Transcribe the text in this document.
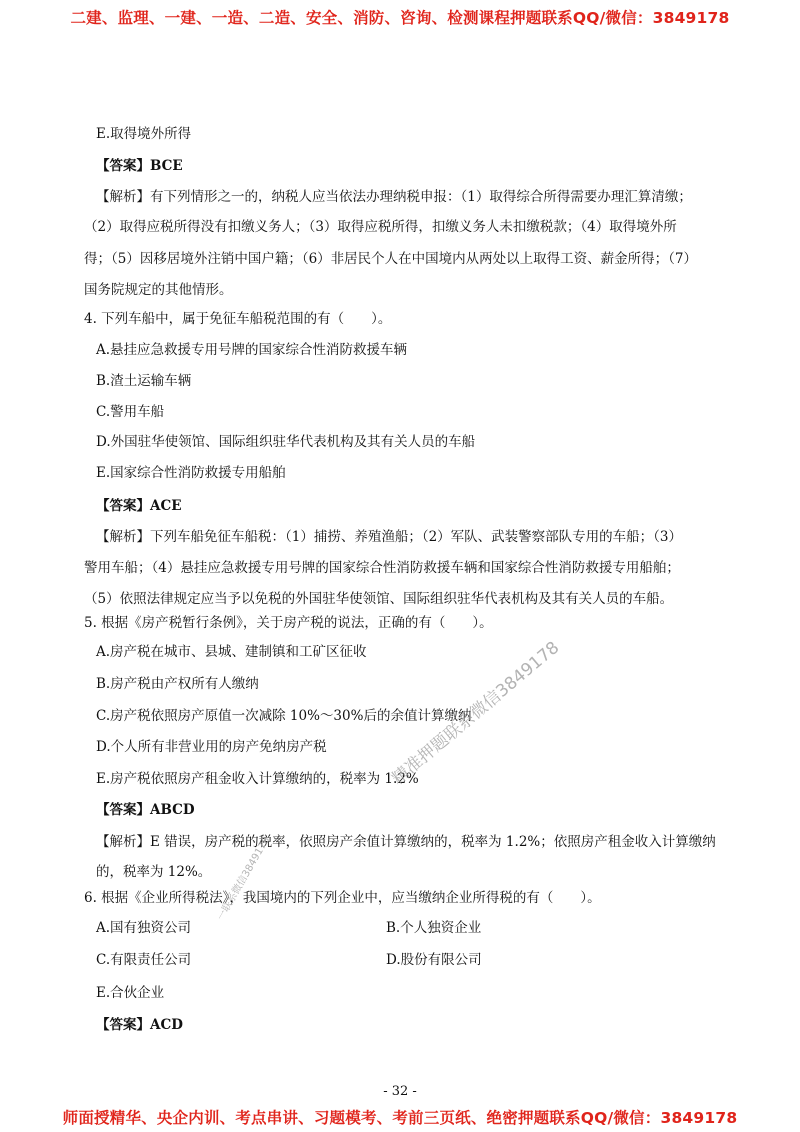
二建、监理、一建、一造、二造、安全、消防、咨询、检测课程押题联系QQ/微信：3849178
E.取得境外所得
【答案】BCE
【解析】有下列情形之一的，纳税人应当依法办理纳税申报：（1）取得综合所得需要办理汇算清缴；
（2）取得应税所得没有扣缴义务人；（3）取得应税所得，扣缴义务人未扣缴税款；（4）取得境外所
得；（5）因移居境外注销中国户籍；（6）非居民个人在中国境内从两处以上取得工资、薪金所得；（7）
国务院规定的其他情形。
4. 下列车船中，属于免征车船税范围的有（　　）。
A.悬挂应急救援专用号牌的国家综合性消防救援车辆
B.渣土运输车辆
C.警用车船
D.外国驻华使领馆、国际组织驻华代表机构及其有关人员的车船
E.国家综合性消防救援专用船舶
【答案】ACE
【解析】下列车船免征车船税：（1）捕捞、养殖渔船；（2）军队、武装警察部队专用的车船；（3）
警用车船；（4）悬挂应急救援专用号牌的国家综合性消防救援车辆和国家综合性消防救援专用船舶；
（5）依照法律规定应当予以免税的外国驻华使领馆、国际组织驻华代表机构及其有关人员的车船。
5. 根据《房产税暂行条例》，关于房产税的说法，正确的有（　　）。
A.房产税在城市、县城、建制镇和工矿区征收
B.房产税由产权所有人缴纳
C.房产税依照房产原值一次减除 10%～30%后的余值计算缴纳
D.个人所有非营业用的房产免纳房产税
E.房产税依照房产租金收入计算缴纳的，税率为 1.2%
【答案】ABCD
【解析】E 错误，房产税的税率，依照房产余值计算缴纳的，税率为 1.2%；依照房产租金收入计算缴纳
的，税率为 12%。
6. 根据《企业所得税法》，我国境内的下列企业中，应当缴纳企业所得税的有（　　）。
A.国有独资公司	B.个人独资企业
C.有限责任公司	D.股份有限公司
E.合伙企业
【答案】ACD
精准押题联系微信3849178
一联系微信3849178
- 32 -
师面授精华、央企内训、考点串讲、习题模考、考前三页纸、绝密押题联系QQ/微信：3849178
